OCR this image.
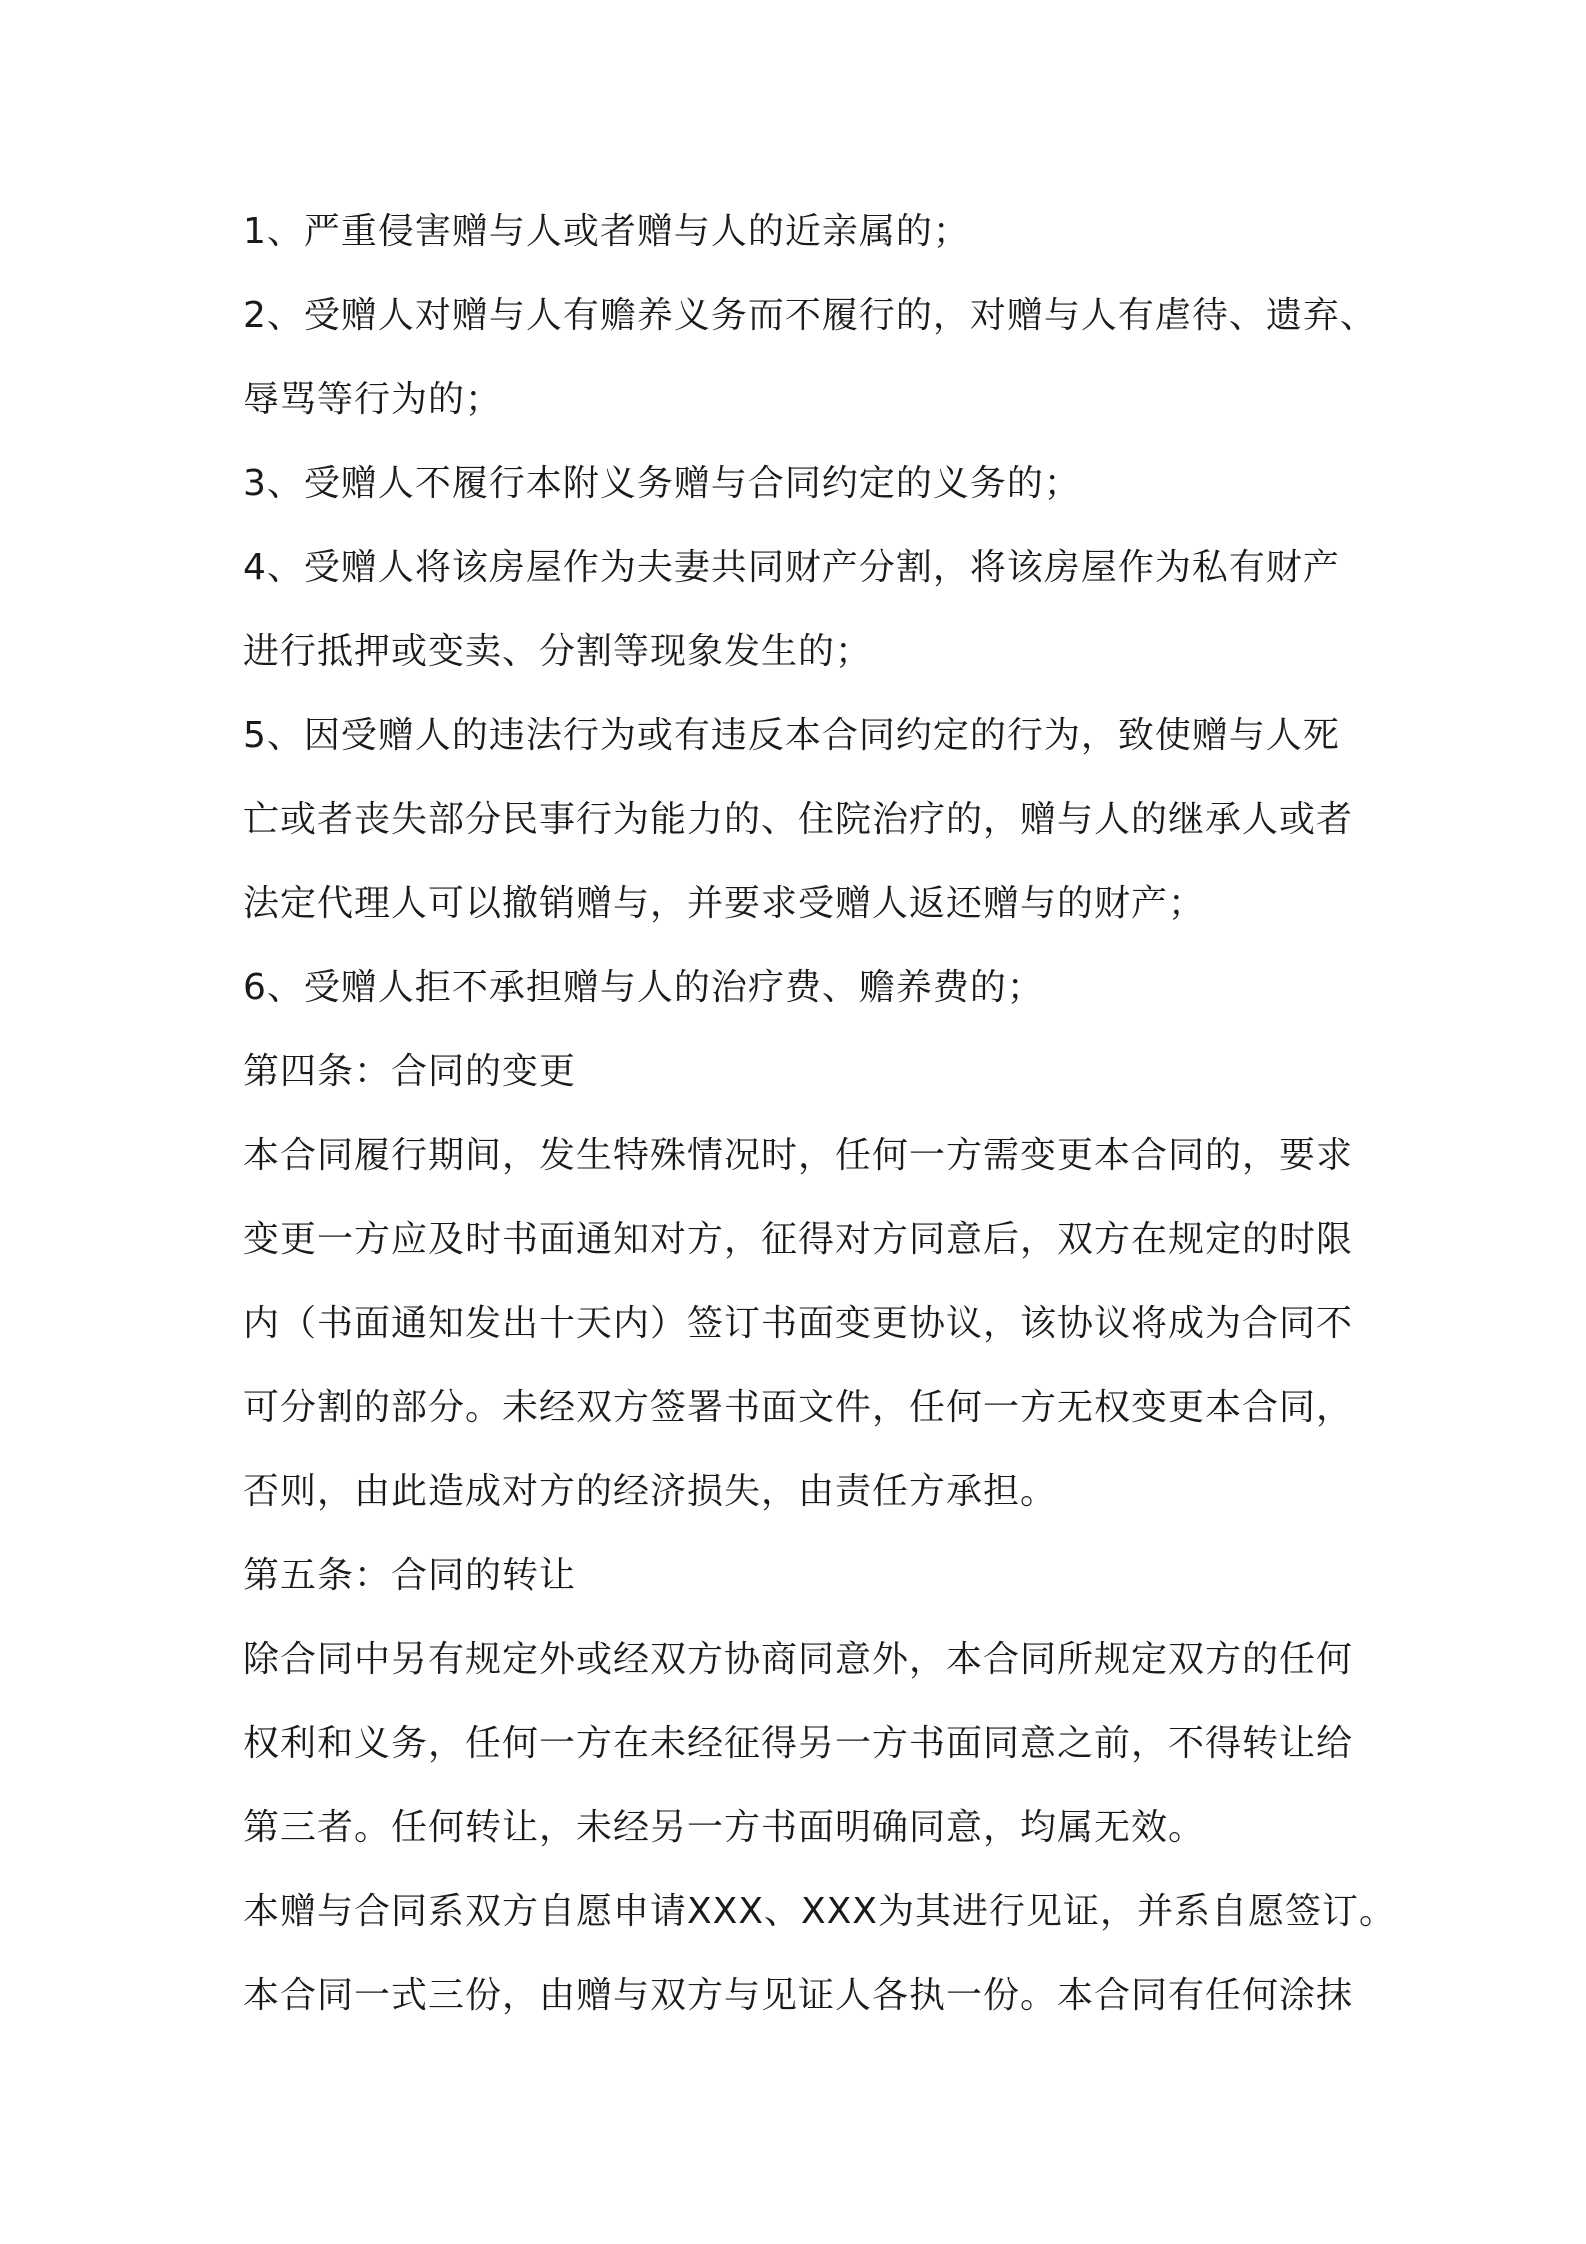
1、严重侵害赠与人或者赠与人的近亲属的；
2、受赠人对赠与人有赡养义务而不履行的，对赠与人有虐待、遗弃、
辱骂等行为的；
3、受赠人不履行本附义务赠与合同约定的义务的；
4、受赠人将该房屋作为夫妻共同财产分割，将该房屋作为私有财产
进行抵押或变卖、分割等现象发生的；
5、因受赠人的违法行为或有违反本合同约定的行为，致使赠与人死
亡或者丧失部分民事行为能力的、住院治疗的，赠与人的继承人或者
法定代理人可以撤销赠与，并要求受赠人返还赠与的财产；
6、受赠人拒不承担赠与人的治疗费、赡养费的；
第四条：合同的变更
本合同履行期间，发生特殊情况时，任何一方需变更本合同的，要求
变更一方应及时书面通知对方，征得对方同意后，双方在规定的时限
内（书面通知发出十天内）签订书面变更协议，该协议将成为合同不
可分割的部分。未经双方签署书面文件，任何一方无权变更本合同，
否则，由此造成对方的经济损失，由责任方承担。
第五条：合同的转让
除合同中另有规定外或经双方协商同意外，本合同所规定双方的任何
权利和义务，任何一方在未经征得另一方书面同意之前，不得转让给
第三者。任何转让，未经另一方书面明确同意，均属无效。
本赠与合同系双方自愿申请XXX、XXX为其进行见证，并系自愿签订。
本合同一式三份，由赠与双方与见证人各执一份。本合同有任何涂抹
